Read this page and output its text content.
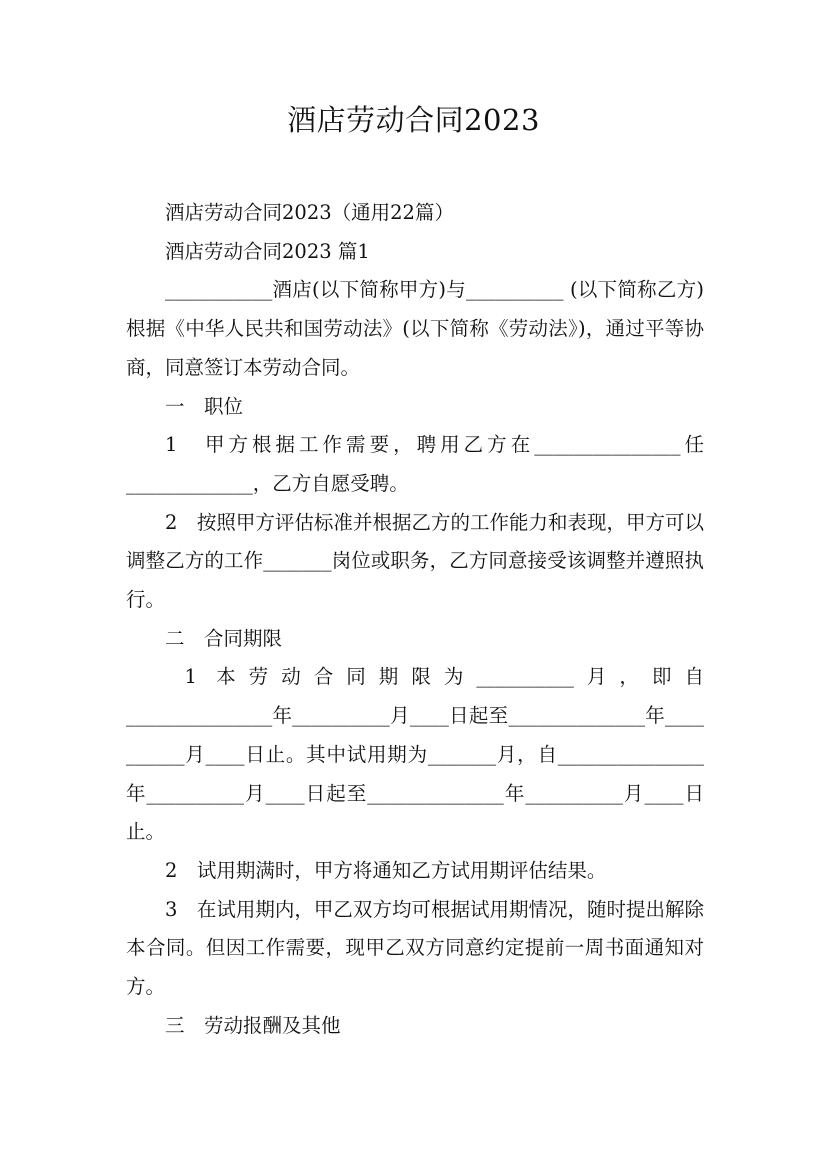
酒店劳动合同2023

酒店劳动合同2023（通用22篇）

酒店劳动合同2023 篇1

___________酒店(以下简称甲方)与__________ (以下简称乙方)根据《中华人民共和国劳动法》(以下简称《劳动法》)，通过平等协商，同意签订本劳动合同。

一　职位

1　甲方根据工作需要，聘用乙方在_______________任_____________，乙方自愿受聘。

2　按照甲方评估标准并根据乙方的工作能力和表现，甲方可以调整乙方的工作_______岗位或职务，乙方同意接受该调整并遵照执行。

二　合同期限

1 本劳动合同期限为__________月，即自

_______________年__________月____日起至______________年__________月____日止。其中试用期为_______月，自_______________年__________月____日起至______________年__________月____日止。

2　试用期满时，甲方将通知乙方试用期评估结果。

3　在试用期内，甲乙双方均可根据试用期情况，随时提出解除本合同。但因工作需要，现甲乙双方同意约定提前一周书面通知对方。

三　劳动报酬及其他
